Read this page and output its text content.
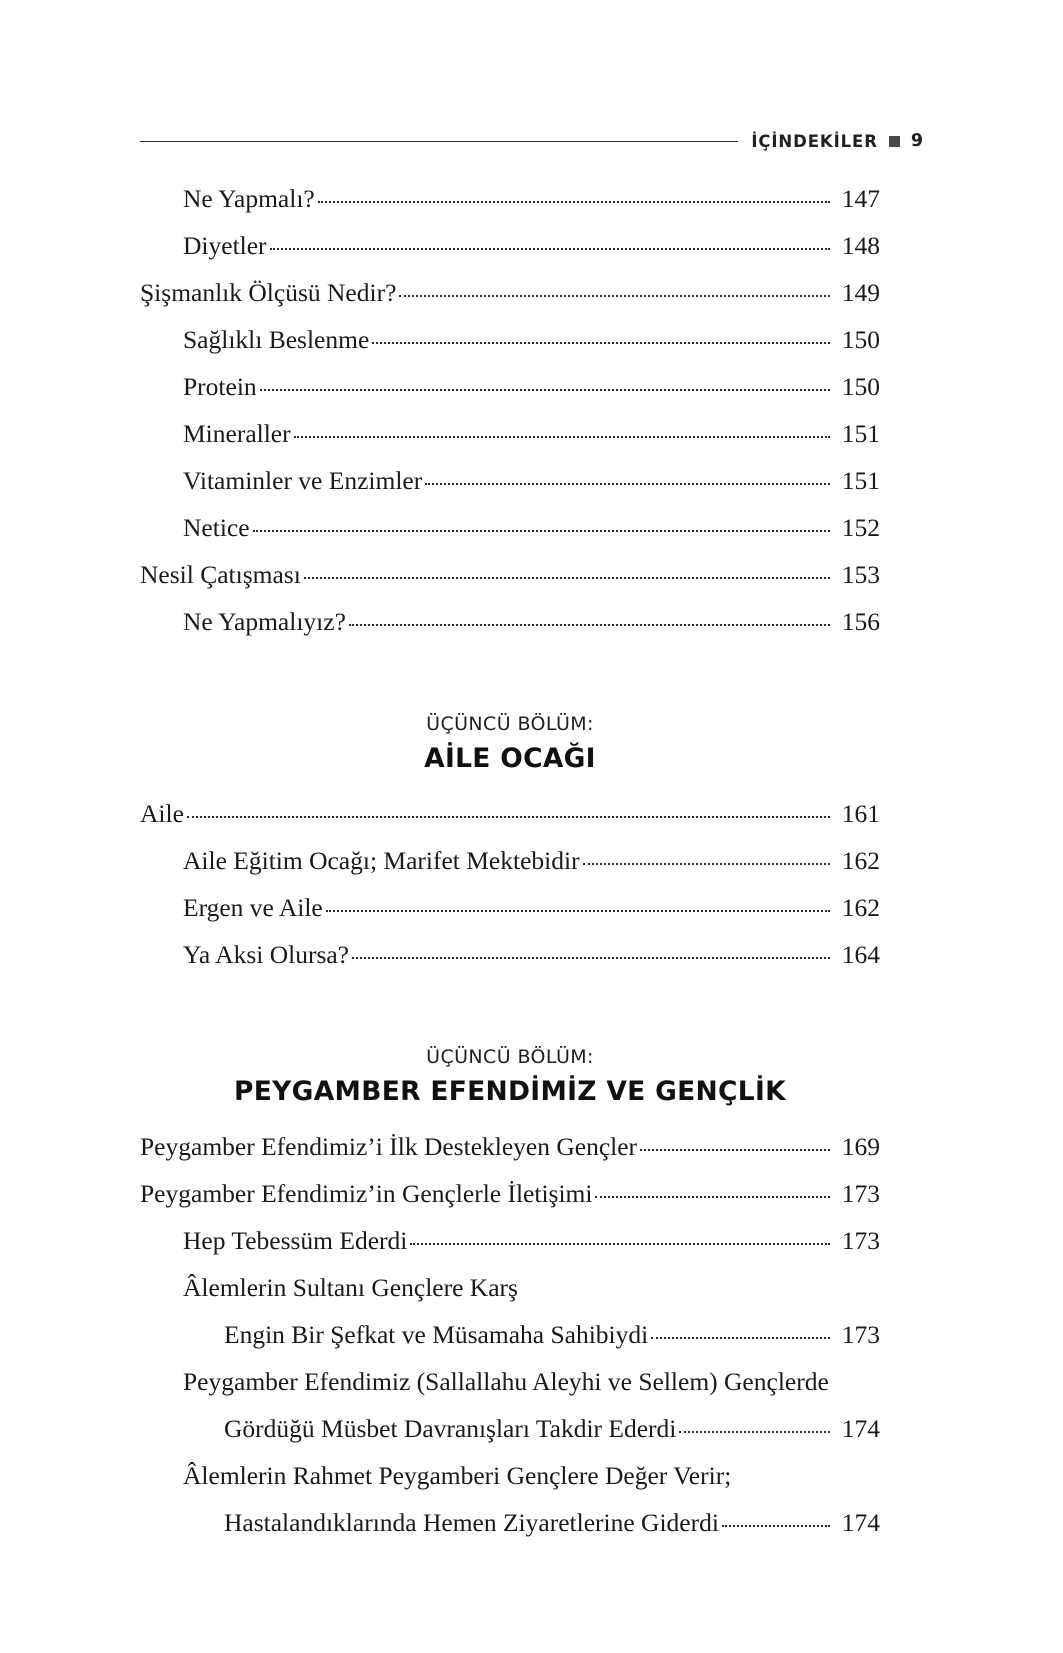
İÇİNDEKİLER 9
Ne Yapmalı?	147
Diyetler	148
Şişmanlık Ölçüsü Nedir?	149
Sağlıklı Beslenme	150
Protein	150
Mineraller	151
Vitaminler ve Enzimler	151
Netice	152
Nesil Çatışması	153
Ne Yapmalıyız?	156
ÜÇÜNCÜ BÖLÜM:
AİLE OCAĞI
Aile	161
Aile Eğitim Ocağı; Marifet Mektebidir	162
Ergen ve Aile	162
Ya Aksi Olursa?	164
ÜÇÜNCÜ BÖLÜM:
PEYGAMBER EFENDİMİZ VE GENÇLİK
Peygamber Efendimiz’i İlk Destekleyen Gençler	169
Peygamber Efendimiz’in Gençlerle İletişimi	173
Hep Tebessüm Ederdi	173
Âlemlerin Sultanı Gençlere Karş
Engin Bir Şefkat ve Müsamaha Sahibiydi	173
Peygamber Efendimiz (Sallallahu Aleyhi ve Sellem) Gençlerde
Gördüğü Müsbet Davranışları Takdir Ederdi	174
Âlemlerin Rahmet Peygamberi Gençlere Değer Verir;
Hastalandıklarında Hemen Ziyaretlerine Giderdi	174
